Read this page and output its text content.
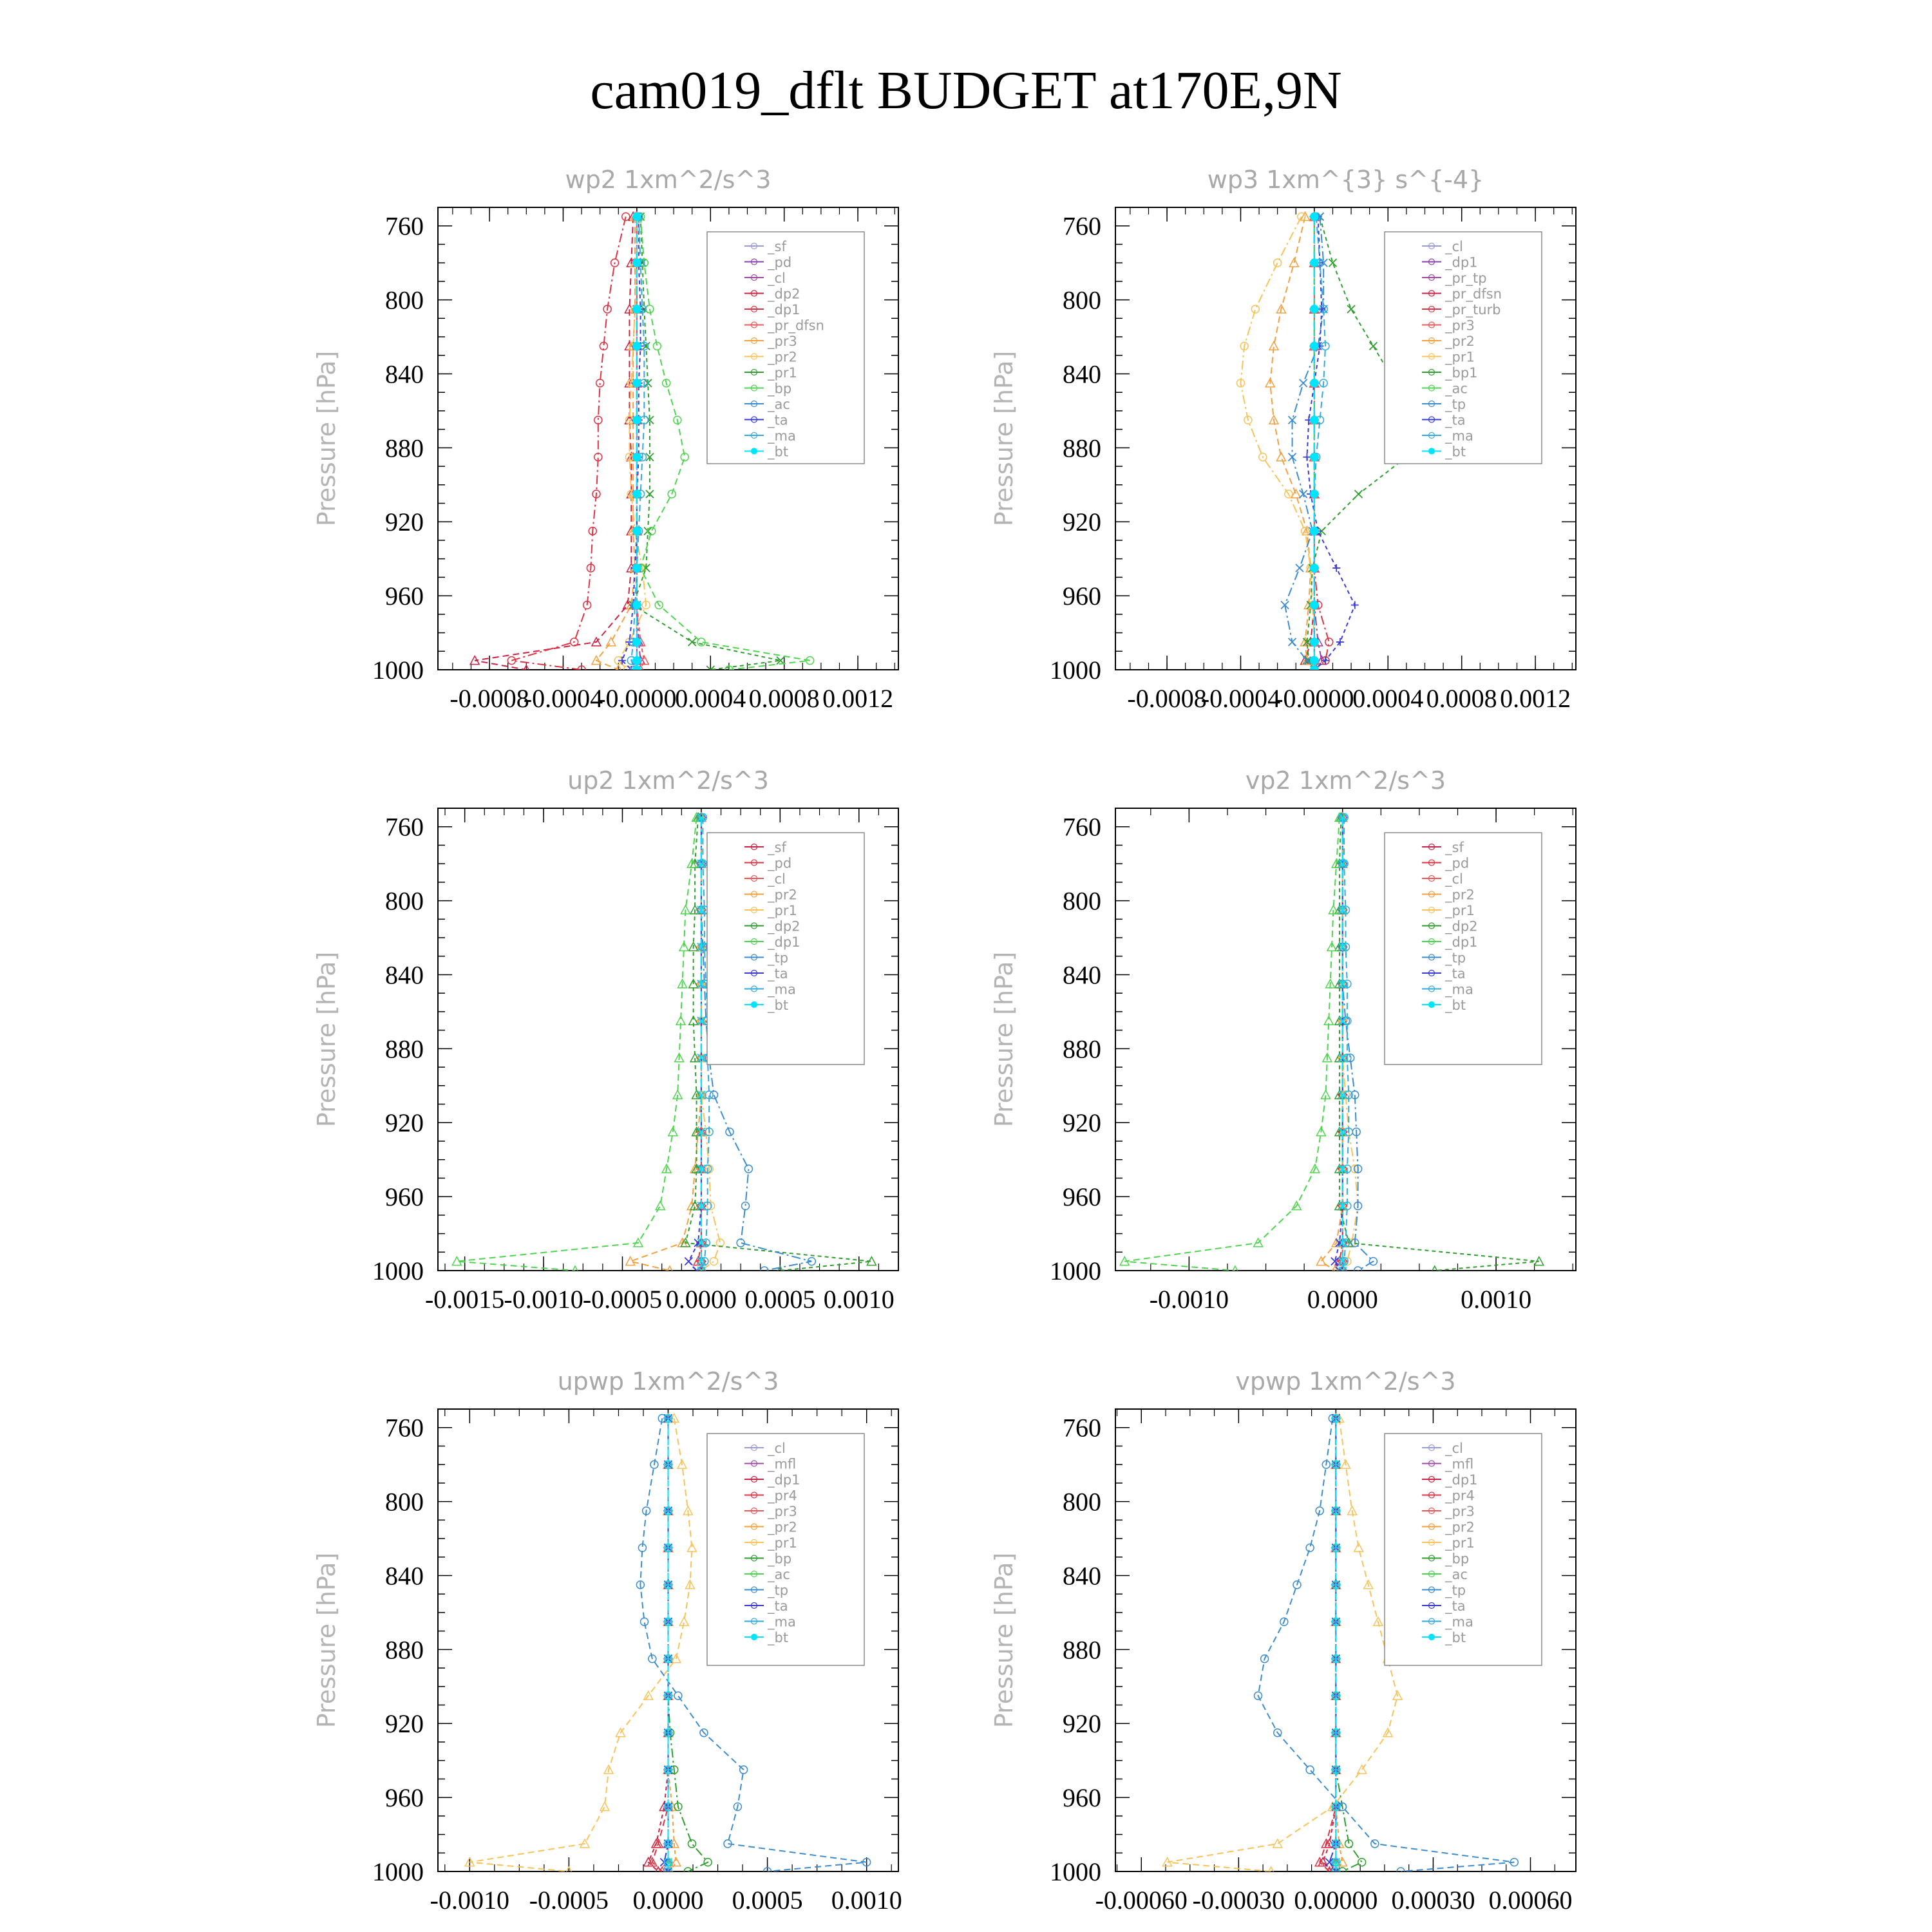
cam019_dflt BUDGET at170E,9N
wp2 1xm^2/s^3
Pressure [hPa]
760
800
840
880
920
960
1000
-0.0008
-0.0004
-0.0000
0.0004 0.0008 0.0012
_sf
_pd
_cl
_dp2
_dp1
_pr_dfsn
_pr3
_pr2
_pr1
_bp
_ac
_ta
_ma
_bt
wp3 1xm^{3} s^{-4}
Pressure [hPa]
760
800
840
880
920
960
1000
-0.0008
-0.0004
-0.0000
0.0004 0.0008 0.0012
_cl
_dp1
_pr_tp
_pr_dfsn
_pr_turb
_pr3
_pr2
_pr1
_bp1
_ac
_tp
_ta
_ma
_bt
up2 1xm^2/s^3
Pressure [hPa]
760
800
840
880
920
960
1000
-0.0015 -0.0010 -0.0005 0.0000 0.0005 0.0010
_sf
_pd
_cl
_pr2
_pr1
_dp2
_dp1
_tp
_ta
_ma
_bt
vp2 1xm^2/s^3
Pressure [hPa]
760
800
840
880
920
960
1000
-0.0010	0.0000	0.0010
_sf
_pd
_cl
_pr2
_pr1
_dp2
_dp1
_tp
_ta
_ma
_bt
upwp 1xm^2/s^3
Pressure [hPa]
760
800
840
880
920
960
1000
-0.0010 -0.0005 0.0000 0.0005 0.0010
_cl
_mfl
_dp1
_pr4
_pr3
_pr2
_pr1
_bp
_ac
_tp
_ta
_ma
_bt
vpwp 1xm^2/s^3
Pressure [hPa]
760
800
840
880
920
960
1000
-0.00060 -0.00030 0.00000 0.00030 0.00060
_cl
_mfl
_dp1
_pr4
_pr3
_pr2
_pr1
_bp
_ac
_tp
_ta
_ma
_bt
